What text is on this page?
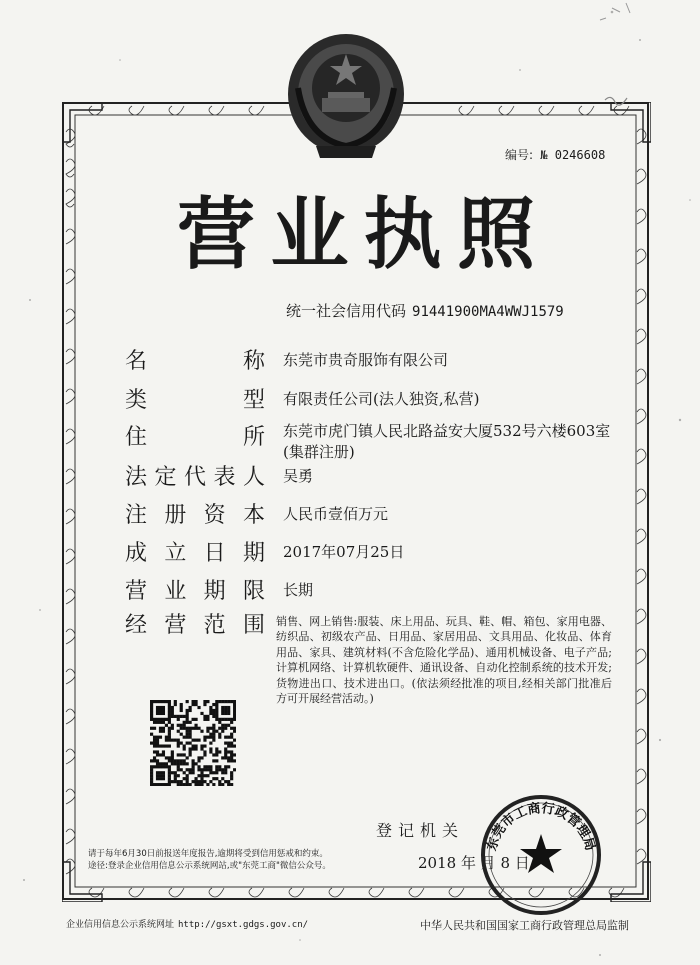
编号: № 0246608
营 业 执 照
统一社会信用代码 91441900MA4WWJ1579
名	称 东莞市贵奇服饰有限公司
类	型 有限责任公司(法人独资,私营)
住	所 东莞市虎门镇人民北路益安大厦532号六楼603室(集群注册)
法 定 代 表 人 吴勇
注 册 资 本 人民币壹佰万元
成 立 日 期 2017年07月25日
营 业 期 限 长期
经 营 范 围 销售、网上销售:服装、床上用品、玩具、鞋、帽、箱包、家用电器、纺织品、初级农产品、日用品、家居用品、文具用品、化妆品、体育用品、家具、建筑材料(不含危险化学品)、通用机械设备、电子产品;计算机网络、计算机软硬件、通讯设备、自动化控制系统的技术开发;货物进出口、技术进出口。(依法须经批准的项目,经相关部门批准后方可开展经营活动。)
登记机关
2018 年 月 8 日
请于每年6月30日前报送年度报告,逾期将受到信用惩戒和约束。
途径:登录企业信用信息公示系统网站,或"东莞工商"微信公众号。
东莞市工商行政管理局
企业信用信息公示系统网址 http://gsxt.gdgs.gov.cn/	中华人民共和国国家工商行政管理总局监制
